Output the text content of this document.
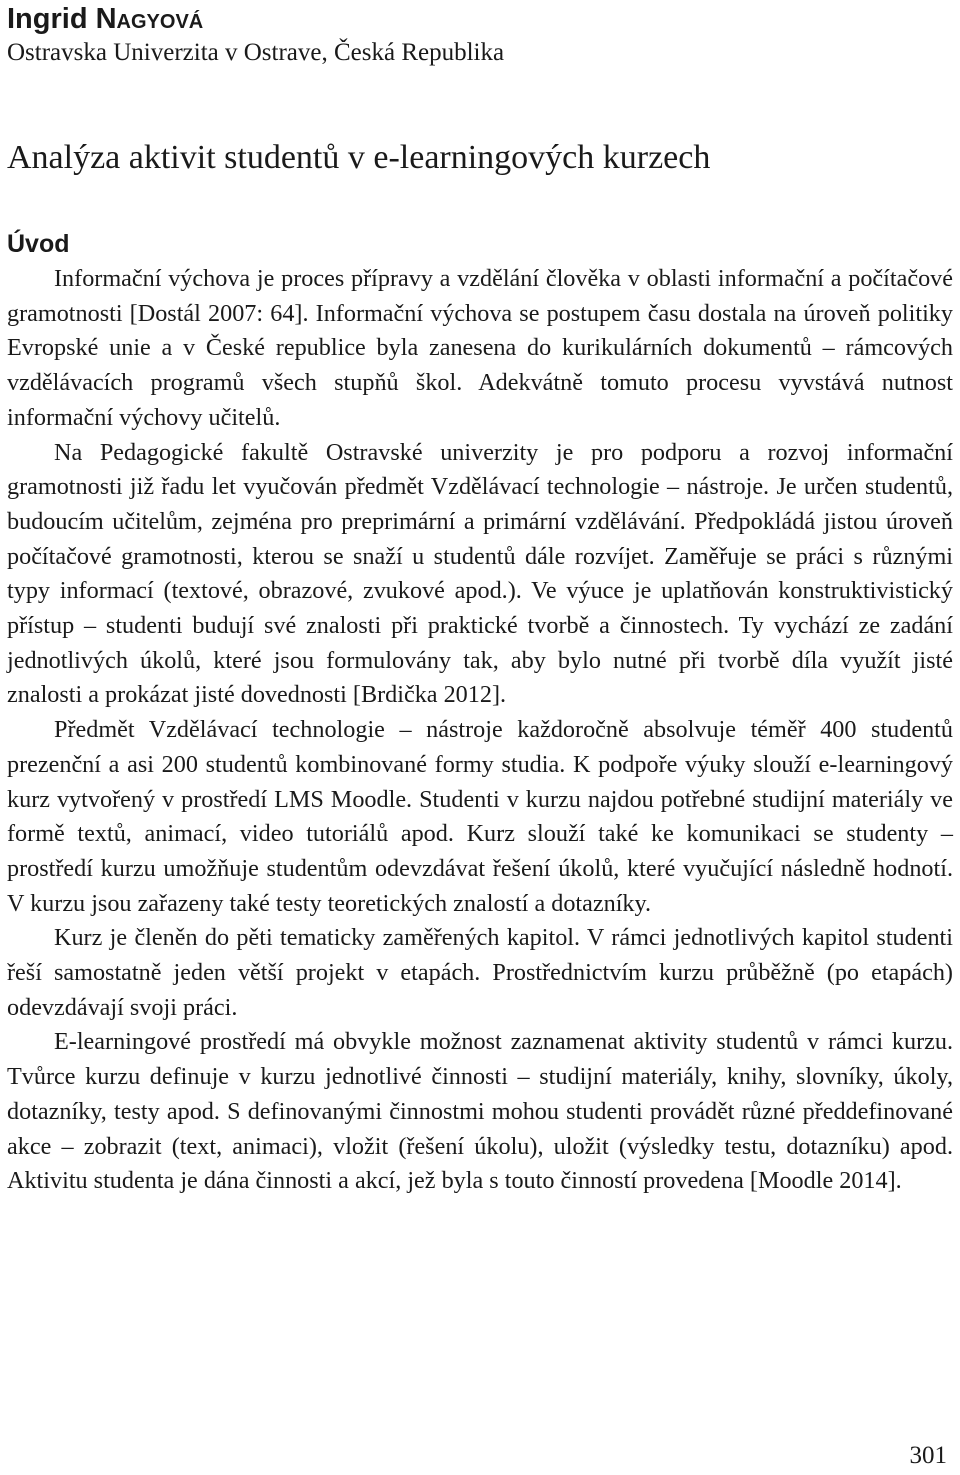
Ingrid Nagyová
Ostravska Univerzita v Ostrave, Česká Republika
Analýza aktivit studentů v e-learningových kurzech
Úvod

Informační výchova je proces přípravy a vzdělání člověka v oblasti informační a počítačové gramotnosti [Dostál 2007: 64]. Informační výchova se postupem času dostala na úroveň politiky Evropské unie a v České republice byla zanesena do kurikulárních dokumentů – rámcových vzdělávacích programů všech stupňů škol. Adekvátně tomuto procesu vyvstává nutnost informační výchovy učitelů.

Na Pedagogické fakultě Ostravské univerzity je pro podporu a rozvoj informační gramotnosti již řadu let vyučován předmět Vzdělávací technologie – nástroje. Je určen studentů, budoucím učitelům, zejména pro preprimární a primární vzdělávání. Předpokládá jistou úroveň počítačové gramotnosti, kterou se snaží u studentů dále rozvíjet. Zaměřuje se práci s různými typy informací (textové, obrazové, zvukové apod.). Ve výuce je uplatňován konstruktivistický přístup – studenti budují své znalosti při praktické tvorbě a činnostech. Ty vychází ze zadání jednotlivých úkolů, které jsou formulovány tak, aby bylo nutné při tvorbě díla využít jisté znalosti a prokázat jisté dovednosti [Brdička 2012].

Předmět Vzdělávací technologie – nástroje každoročně absolvuje téměř 400 studentů prezenční a asi 200 studentů kombinované formy studia. K podpoře výuky slouží e-learningový kurz vytvořený v prostředí LMS Moodle. Studenti v kurzu najdou potřebné studijní materiály ve formě textů, animací, video tutoriálů apod. Kurz slouží také ke komunikaci se studenty – prostředí kurzu umožňuje studentům odevzdávat řešení úkolů, které vyučující následně hodnotí. V kurzu jsou zařazeny také testy teoretických znalostí a dotazníky.

Kurz je členěn do pěti tematicky zaměřených kapitol. V rámci jednotlivých kapitol studenti řeší samostatně jeden větší projekt v etapách. Prostřednictvím kurzu průběžně (po etapách) odevzdávají svoji práci.

E-learningové prostředí má obvykle možnost zaznamenat aktivity studentů v rámci kurzu. Tvůrce kurzu definuje v kurzu jednotlivé činnosti – studijní materiály, knihy, slovníky, úkoly, dotazníky, testy apod. S definovanými činnostmi mohou studenti provádět různé předdefinované akce – zobrazit (text, animaci), vložit (řešení úkolu), uložit (výsledky testu, dotazníku) apod. Aktivitu studenta je dána činnosti a akcí, jež byla s touto činností provedena [Moodle 2014].

301
